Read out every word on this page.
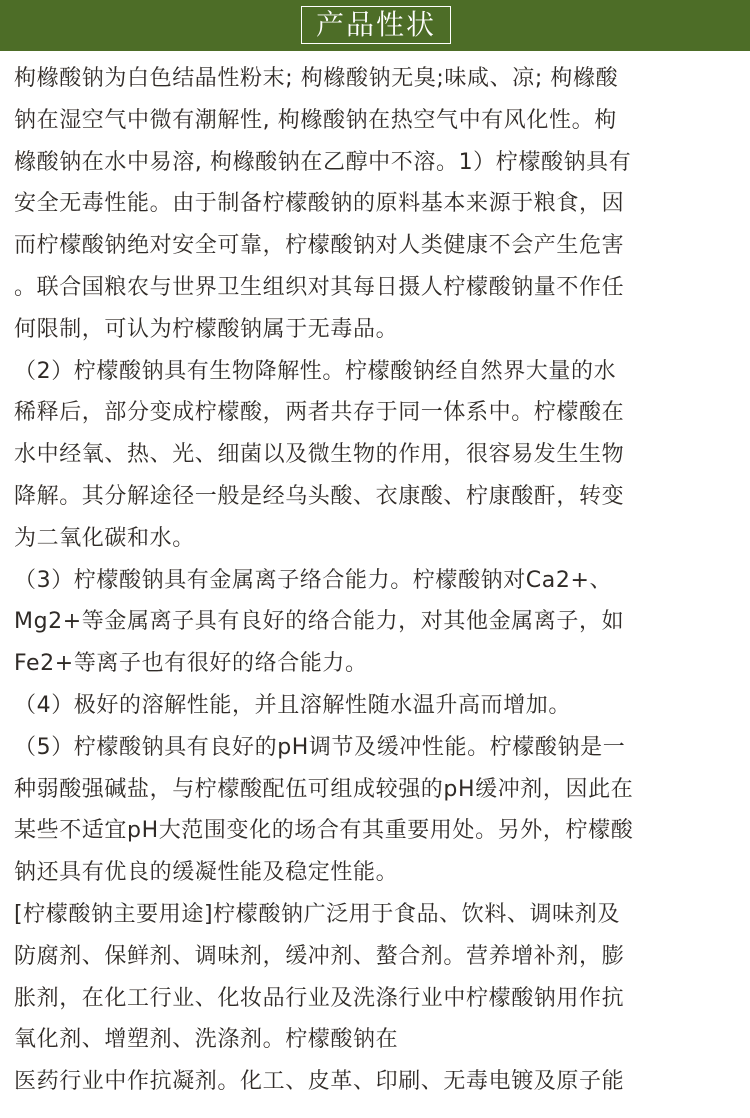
产品性状
枸橼酸钠为白色结晶性粉末; 枸橼酸钠无臭;味咸、凉; 枸橼酸
钠在湿空气中微有潮解性, 枸橼酸钠在热空气中有风化性。枸
橼酸钠在水中易溶, 枸橼酸钠在乙醇中不溶。1）柠檬酸钠具有
安全无毒性能。由于制备柠檬酸钠的原料基本来源于粮食，因
而柠檬酸钠绝对安全可靠，柠檬酸钠对人类健康不会产生危害
。联合国粮农与世界卫生组织对其每日摄人柠檬酸钠量不作任
何限制，可认为柠檬酸钠属于无毒品。
（2）柠檬酸钠具有生物降解性。柠檬酸钠经自然界大量的水
稀释后，部分变成柠檬酸，两者共存于同一体系中。柠檬酸在
水中经氧、热、光、细菌以及微生物的作用，很容易发生生物
降解。其分解途径一般是经乌头酸、衣康酸、柠康酸酐，转变
为二氧化碳和水。
（3）柠檬酸钠具有金属离子络合能力。柠檬酸钠对Ca2+、
Mg2+等金属离子具有良好的络合能力，对其他金属离子，如
Fe2+等离子也有很好的络合能力。
（4）极好的溶解性能，并且溶解性随水温升高而增加。
（5）柠檬酸钠具有良好的pH调节及缓冲性能。柠檬酸钠是一
种弱酸强碱盐，与柠檬酸配伍可组成较强的pH缓冲剂，因此在
某些不适宜pH大范围变化的场合有其重要用处。另外，柠檬酸
钠还具有优良的缓凝性能及稳定性能。
[柠檬酸钠主要用途]柠檬酸钠广泛用于食品、饮料、调味剂及
防腐剂、保鲜剂、调味剂，缓冲剂、螯合剂。营养增补剂，膨
胀剂，在化工行业、化妆品行业及洗涤行业中柠檬酸钠用作抗
氧化剂、增塑剂、洗涤剂。柠檬酸钠在
医药行业中作抗凝剂。化工、皮革、印刷、无毒电镀及原子能
